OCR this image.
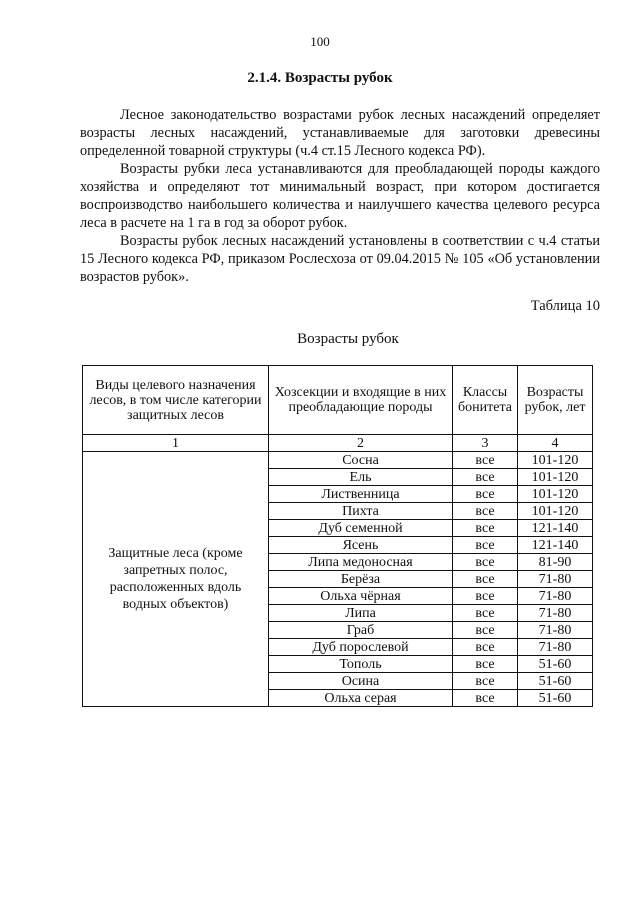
100
2.1.4. Возрасты рубок

Лесное законодательство возрастами рубок лесных насаждений определяет возрасты лесных насаждений, устанавливаемые для заготовки древесины определенной товарной структуры (ч.4 ст.15 Лесного кодекса РФ).

Возрасты рубки леса устанавливаются для преобладающей породы каждого хозяйства и определяют тот минимальный возраст, при котором достигается воспроизводство наибольшего количества и наилучшего качества целевого ресурса леса в расчете на 1 га в год за оборот рубок.

Возрасты рубок лесных насаждений установлены в соответствии с ч.4 статьи 15 Лесного кодекса РФ, приказом Рослесхоза от 09.04.2015 № 105 «Об установлении возрастов рубок».

Таблица 10
Возрасты рубок
Виды целевого назначения лесов, в том числе категории защитных лесов	Хозсекции и входящие в них преобладающие породы	Классы бонитета	Возрасты рубок, лет
1	2	3	4
Защитные леса (кроме запретных полос, расположенных вдоль водных объектов)	Сосна	все	101-120
	Ель	все	101-120
	Лиственница	все	101-120
	Пихта	все	101-120
	Дуб семенной	все	121-140
	Ясень	все	121-140
	Липа медоносная	все	81-90
	Берёза	все	71-80
	Ольха чёрная	все	71-80
	Липа	все	71-80
	Граб	все	71-80
	Дуб порослевой	все	71-80
	Тополь	все	51-60
	Осина	все	51-60
	Ольха серая	все	51-60
